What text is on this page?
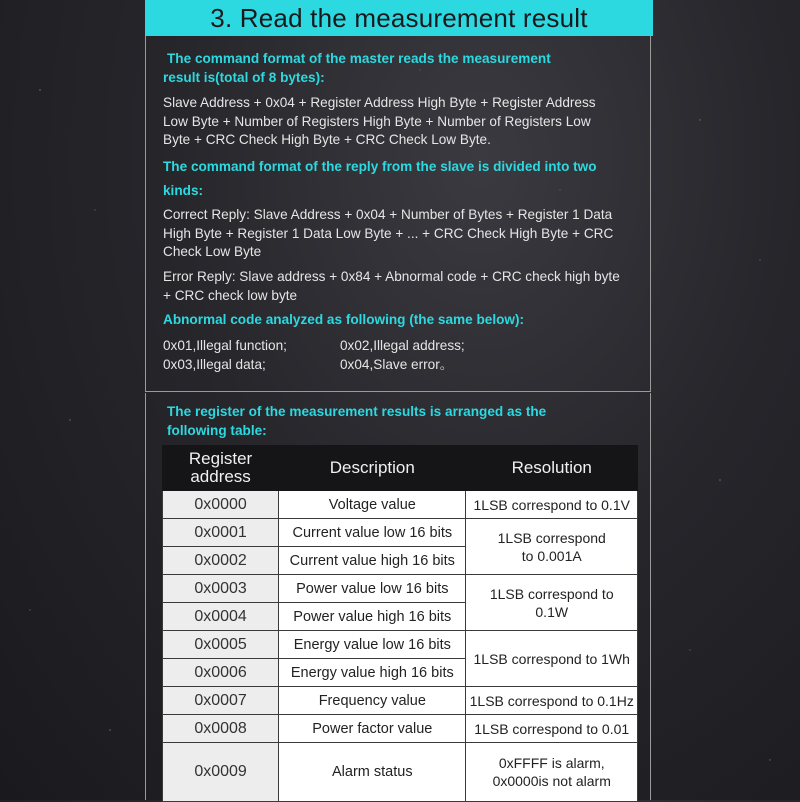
3. Read the measurement result
The command format of the master reads the measurement
result is(total of 8 bytes):
Slave Address + 0x04 + Register Address High Byte + Register Address
Low Byte + Number of Registers High Byte + Number of Registers Low
Byte + CRC Check High Byte + CRC Check Low Byte.
The command format of the reply from the slave is divided into two
kinds:
Correct Reply: Slave Address + 0x04 + Number of Bytes + Register 1 Data
High Byte + Register 1 Data Low Byte + ... + CRC Check High Byte + CRC
Check Low Byte
Error Reply: Slave address + 0x84 + Abnormal code + CRC check high byte
+ CRC check low byte
Abnormal code analyzed as following (the same below):
0x01,Illegal function;	0x02,Illegal address;
0x03,Illegal data;	0x04,Slave error。
The register of the measurement results is arranged as the
following table:
Register
address	Description	Resolution
0x0000	Voltage value	1LSB correspond to 0.1V
0x0001	Current value low 16 bits	1LSB correspond
to 0.001A
0x0002	Current value high 16 bits	
0x0003	Power value low 16 bits	1LSB correspond to
0.1W
0x0004	Power value high 16 bits	
0x0005	Energy value low 16 bits	1LSB correspond to 1Wh
0x0006	Energy value high 16 bits	
0x0007	Frequency value	1LSB correspond to 0.1Hz
0x0008	Power factor value	1LSB correspond to 0.01
0x0009	Alarm status	0xFFFF is alarm,
0x0000is not alarm
